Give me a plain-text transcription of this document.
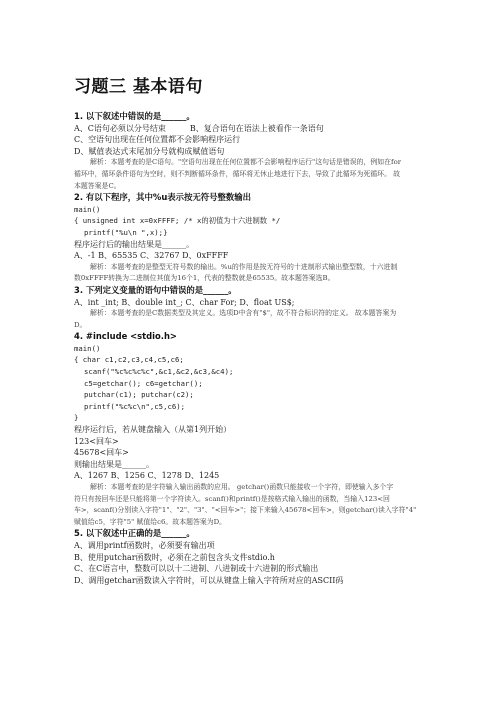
习题三 基本语句
1. 以下叙述中错误的是______。
A、C语句必须以分号结束　　　B、复合语句在语法上被看作一条语句
C、空语句出现在任何位置都不会影响程序运行
D、赋值表达式末尾加分号就构成赋值语句
解析：本题考查的是C语句。"空语句出现在任何位置都不会影响程序运行"这句话是错误的，例如在for
循环中，循环条件语句为空时，则不判断循环条件，循环将无休止地进行下去，导致了此循环为死循环。 故
本题答案是C。
2. 有以下程序，其中%u表示按无符号整数输出
main()
{ unsigned int x=0xFFFF; /* x的初值为十六进制数 */
printf("%u\n ",x);}
程序运行后的输出结果是______。
A、-1 B、65535 C、32767 D、0xFFFF
解析：本题考查的是整型无符号数的输出。%u的作用是按无符号的十进制形式输出整型数，十六进制
数0xFFFF转换为二进制位其值为16个1，代表的整数就是65535。故本题答案选B。
3. 下列定义变量的语句中错误的是______。
A、int _int; B、double int_; C、char For; D、float US$;
解析：本题考查的是C数据类型及其定义。选项D中含有"$"，故不符合标识符的定义。 故本题答案为
D。
4. #include <stdio.h>
main()
{ char c1,c2,c3,c4,c5,c6;
scanf("%c%c%c%c",&c1,&c2,&c3,&c4);
c5=getchar(); c6=getchar();
putchar(c1); putchar(c2);
printf("%c%c\n",c5,c6);
}
程序运行后，若从键盘输入（从第1列开始）
123<回车>
45678<回车>
则输出结果是______。
A、1267 B、1256 C、1278 D、1245
解析：本题考查的是字符输入输出函数的应用。 getchar()函数只能接收一个字符，即使输入多个字
符只有按回车还是只能将第一个字符读入。scanf()和printf()是按格式输入输出的函数，当输入123<回
车>，scanf()分别读入字符"1"、"2"、"3"、"<回车>"；接下来输入45678<回车>，则getchar()读入字符"4"
赋值给c5，字符"5" 赋值给c6。故本题答案为D。
5. 以下叙述中正确的是______。
A、调用printf函数时，必须要有输出项
B、使用putchar函数时，必须在之前包含头文件stdio.h
C、在C语言中，整数可以以十二进制、八进制或十六进制的形式输出
D、调用getchar函数读入字符时，可以从键盘上输入字符所对应的ASCII码
